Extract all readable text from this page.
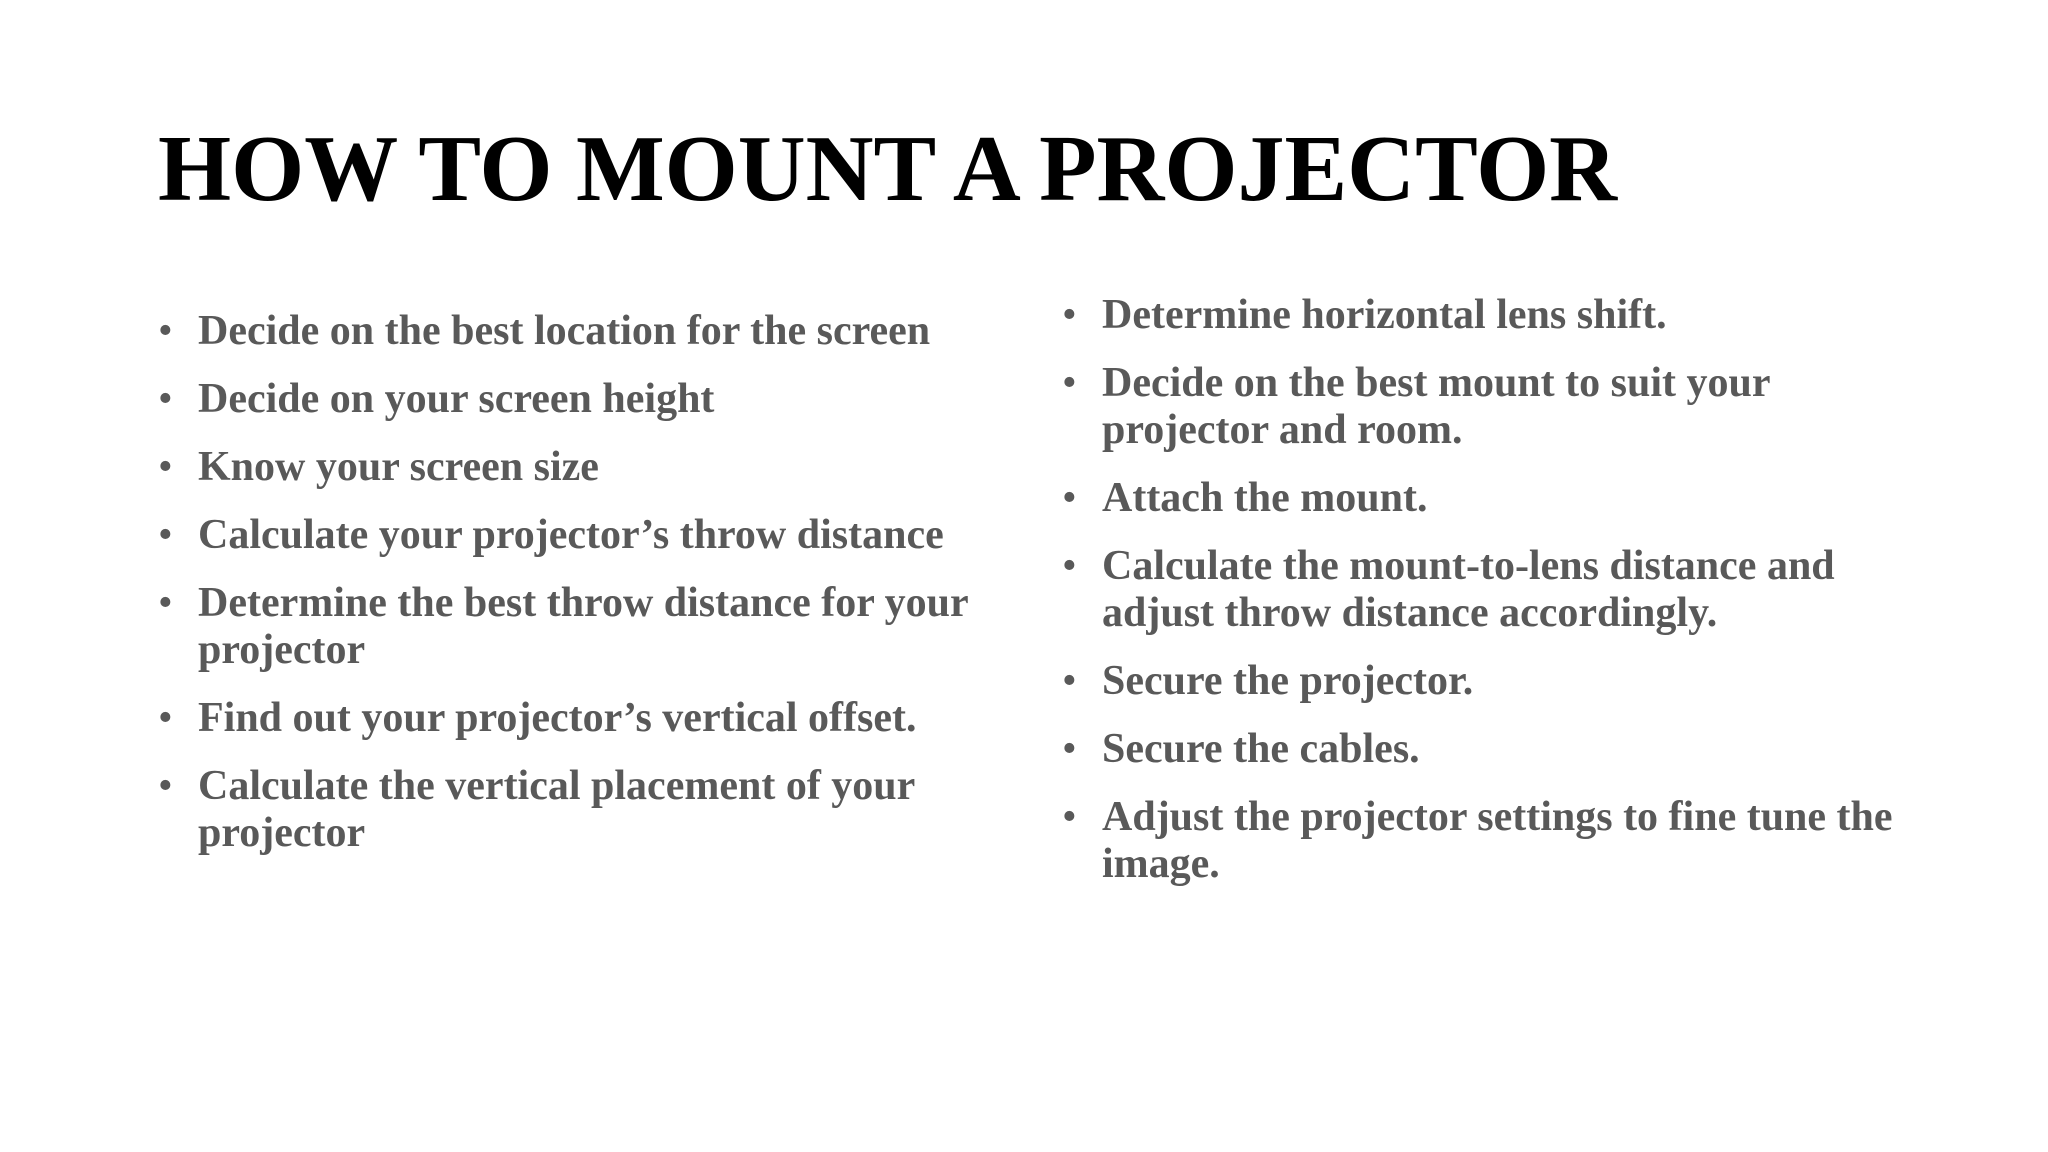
HOW TO MOUNT A PROJECTOR
• Decide on the best location for the screen
• Decide on your screen height
• Know your screen size
• Calculate your projector’s throw distance
• Determine the best throw distance for your projector
• Find out your projector’s vertical offset.
• Calculate the vertical placement of your projector
• Determine horizontal lens shift.
• Decide on the best mount to suit your projector and room.
• Attach the mount.
• Calculate the mount-to-lens distance and adjust throw distance accordingly.
• Secure the projector.
• Secure the cables.
• Adjust the projector settings to fine tune the image.
